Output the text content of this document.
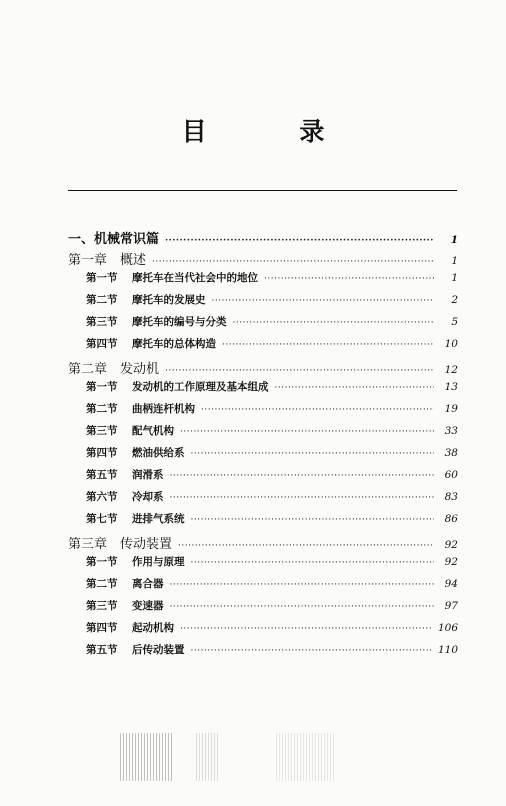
目 录
一、机械常识篇 ·····	1
第一章 概述 ·····	1
第一节	摩托车在当代社会中的地位 ·····	1
第二节	摩托车的发展史 ·····	2
第三节	摩托车的编号与分类 ·····	5
第四节	摩托车的总体构造 ·····	10
第二章 发动机 ·····	12
第一节	发动机的工作原理及基本组成 ·····	13
第二节	曲柄连杆机构 ·····	19
第三节	配气机构 ·····	33
第四节	燃油供给系 ·····	38
第五节	润滑系 ·····	60
第六节	冷却系 ·····	83
第七节	进排气系统 ·····	86
第三章 传动装置 ·····	92
第一节	作用与原理 ·····	92
第二节	离合器 ·····	94
第三节	变速器 ·····	97
第四节	起动机构 ·····	106
第五节	后传动装置 ·····	110
